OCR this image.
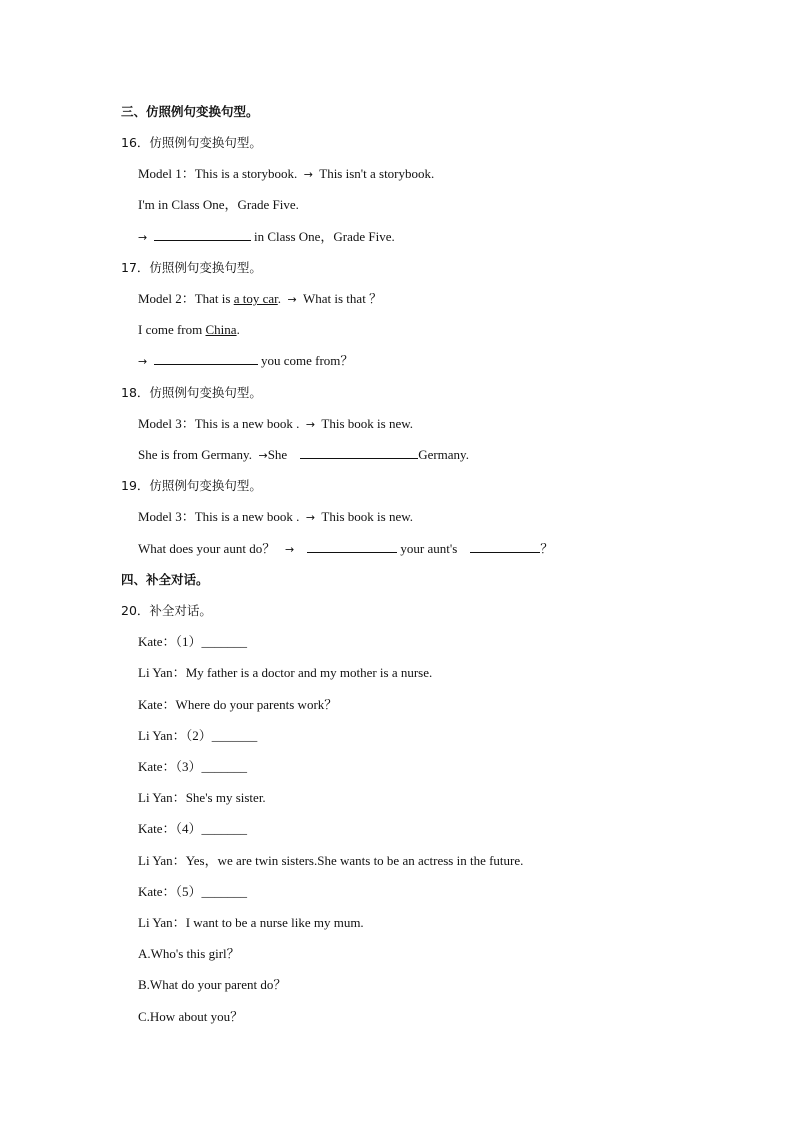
三、仿照例句变换句型。
16．仿照例句变换句型。
Model 1：This is a storybook. → This isn't a storybook.
I'm in Class One，Grade Five.
→	in Class One，Grade Five.
17．仿照例句变换句型。
Model 2：That is a toy car. → What is that ？
I come from China.
→	you come from？
18．仿照例句变换句型。
Model 3：This is a new book . → This book is new.
She is from Germany. →She	Germany.
19．仿照例句变换句型。
Model 3：This is a new book . → This book is new.
What does your aunt do？ →	your aunt's	？
四、补全对话。
20．补全对话。
Kate：（1）_______
Li Yan：My father is a doctor and my mother is a nurse.
Kate：Where do your parents work？
Li Yan：（2）_______
Kate：（3）_______
Li Yan：She's my sister.
Kate：（4）_______
Li Yan：Yes，we are twin sisters.She wants to be an actress in the future.
Kate：（5）_______
Li Yan：I want to be a nurse like my mum.
A.Who's this girl？
B.What do your parent do？
C.How about you？
